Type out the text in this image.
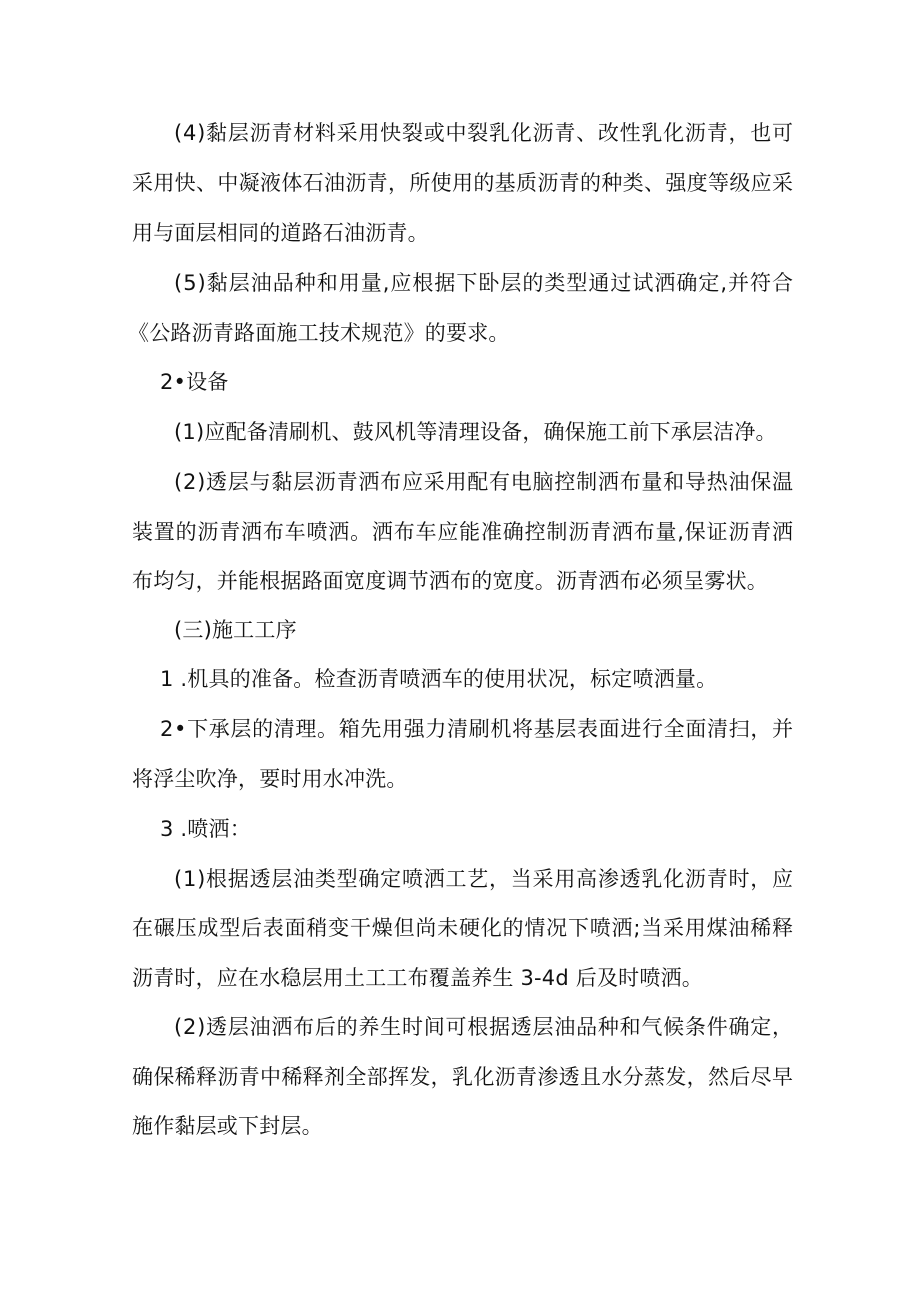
(4)黏层沥青材料采用快裂或中裂乳化沥青、改性乳化沥青，也可
采用快、中凝液体石油沥青，所使用的基质沥青的种类、强度等级应采
用与面层相同的道路石油沥青。
(5)黏层油品种和用量,应根据下卧层的类型通过试洒确定,并符合
《公路沥青路面施工技术规范》的要求。
2•设备
(1)应配备清刷机、鼓风机等清理设备，确保施工前下承层洁净。
(2)透层与黏层沥青洒布应采用配有电脑控制洒布量和导热油保温
装置的沥青洒布车喷洒。洒布车应能准确控制沥青洒布量,保证沥青洒
布均匀，并能根据路面宽度调节洒布的宽度。沥青洒布必须呈雾状。
(三)施工工序
1 .机具的准备。检查沥青喷洒车的使用状况，标定喷洒量。
2•下承层的清理。箱先用强力清刷机将基层表面进行全面清扫，并
将浮尘吹净，要时用水冲洗。
3 .喷洒：
(1)根据透层油类型确定喷洒工艺，当采用高渗透乳化沥青时，应
在碾压成型后表面稍变干燥但尚未硬化的情况下喷洒;当采用煤油稀释
沥青时，应在水稳层用土工工布覆盖养生 3-4d 后及时喷洒。
(2)透层油洒布后的养生时间可根据透层油品种和气候条件确定，
确保稀释沥青中稀释剂全部挥发，乳化沥青渗透且水分蒸发，然后尽早
施作黏层或下封层。
